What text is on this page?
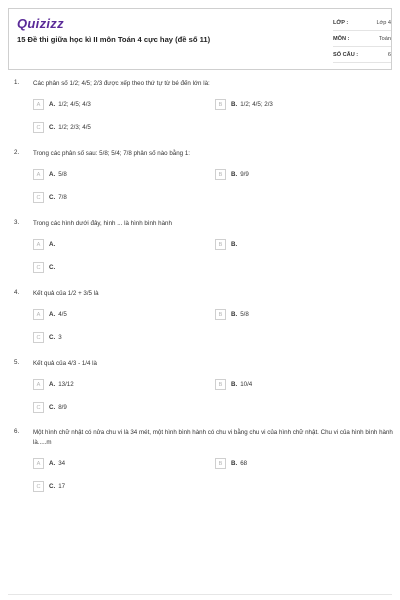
Quizizz
15 Đề thi giữa học kì II môn Toán 4 cực hay (đề số 11)
LỚP :	Lớp 4
MÔN :	Toán
SỐ CÂU :	6
1. Các phân số 1/2; 4/5; 2/3 được xếp theo thứ tự từ bé đến lớn là:
A	A. 1/2; 4/5; 4/3	B	B. 1/2; 4/5; 2/3
C	C. 1/2; 2/3; 4/5
2. Trong các phân số sau: 5/8; 5/4; 7/8 phân số nào bằng 1:
A	A. 5/8	B	B. 9/9
C	C. 7/8
3. Trong các hình dưới đây, hình ... là hình bình hành
A	A.	B	B.
C	C.
4. Kết quả của 1/2 + 3/5 là
A	A. 4/5	B	B. 5/8
C	C. 3
5. Kết quả của 4/3 - 1/4 là
A	A. 13/12	B	B. 10/4
C	C. 8/9
6. Một hình chữ nhật có nửa chu vi là 34 mét, một hình bình hành có chu vi bằng chu vi của hình chữ nhật. Chu vi của hình bình hành là.....m
A	A. 34	B	B. 68
C	C. 17
